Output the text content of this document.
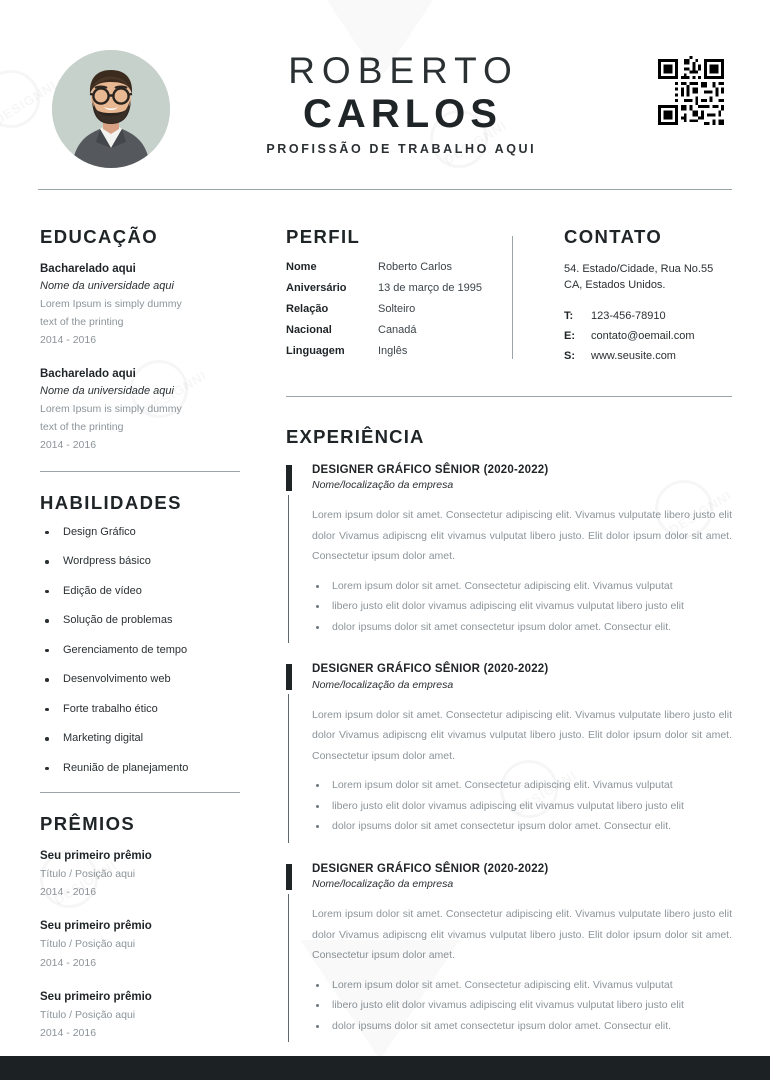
ROBERTO
CARLOS
PROFISSÃO DE TRABALHO AQUI
EDUCAÇÃO
Bacharelado aqui
Nome da universidade aqui
Lorem Ipsum is simply dummy
text of the printing
2014 - 2016
Bacharelado aqui
Nome da universidade aqui
Lorem Ipsum is simply dummy
text of the printing
2014 - 2016
HABILIDADES
Design Gráfico
Wordpress básico
Edição de vídeo
Solução de problemas
Gerenciamento de tempo
Desenvolvimento web
Forte trabalho ético
Marketing digital
Reunião de planejamento
PRÊMIOS
Seu primeiro prêmio
Título / Posição aqui
2014 - 2016
Seu primeiro prêmio
Título / Posição aqui
2014 - 2016
Seu primeiro prêmio
Título / Posição aqui
2014 - 2016
PERFIL
Nome	Roberto Carlos
Aniversário	13 de março de 1995
Relação	Solteiro
Nacional	Canadá
Linguagem	Inglês
CONTATO
54. Estado/Cidade, Rua No.55
CA, Estados Unidos.
T:	123-456-78910
E:	contato@oemail.com
S:	www.seusite.com
EXPERIÊNCIA
DESIGNER GRÁFICO SÊNIOR (2020-2022)
Nome/localização da empresa
Lorem ipsum dolor sit amet. Consectetur adipiscing elit. Vivamus vulputate libero justo elit dolor Vivamus adipiscng elit vivamus vulputat libero justo. Elit dolor ipsum dolor sit amet. Consectetur ipsum dolor amet.
Lorem ipsum dolor sit amet. Consectetur adipiscing elit. Vivamus vulputat
libero justo elit dolor vivamus adipiscing elit vivamus vulputat libero justo elit
dolor ipsums dolor sit amet consectetur ipsum dolor amet. Consectur elit.
DESIGNER GRÁFICO SÊNIOR (2020-2022)
Nome/localização da empresa
Lorem ipsum dolor sit amet. Consectetur adipiscing elit. Vivamus vulputate libero justo elit dolor Vivamus adipiscng elit vivamus vulputat libero justo. Elit dolor ipsum dolor sit amet. Consectetur ipsum dolor amet.
Lorem ipsum dolor sit amet. Consectetur adipiscing elit. Vivamus vulputat
libero justo elit dolor vivamus adipiscing elit vivamus vulputat libero justo elit
dolor ipsums dolor sit amet consectetur ipsum dolor amet. Consectur elit.
DESIGNER GRÁFICO SÊNIOR (2020-2022)
Nome/localização da empresa
Lorem ipsum dolor sit amet. Consectetur adipiscing elit. Vivamus vulputate libero justo elit dolor Vivamus adipiscng elit vivamus vulputat libero justo. Elit dolor ipsum dolor sit amet. Consectetur ipsum dolor amet.
Lorem ipsum dolor sit amet. Consectetur adipiscing elit. Vivamus vulputat
libero justo elit dolor vivamus adipiscing elit vivamus vulputat libero justo elit
dolor ipsums dolor sit amet consectetur ipsum dolor amet. Consectur elit.
